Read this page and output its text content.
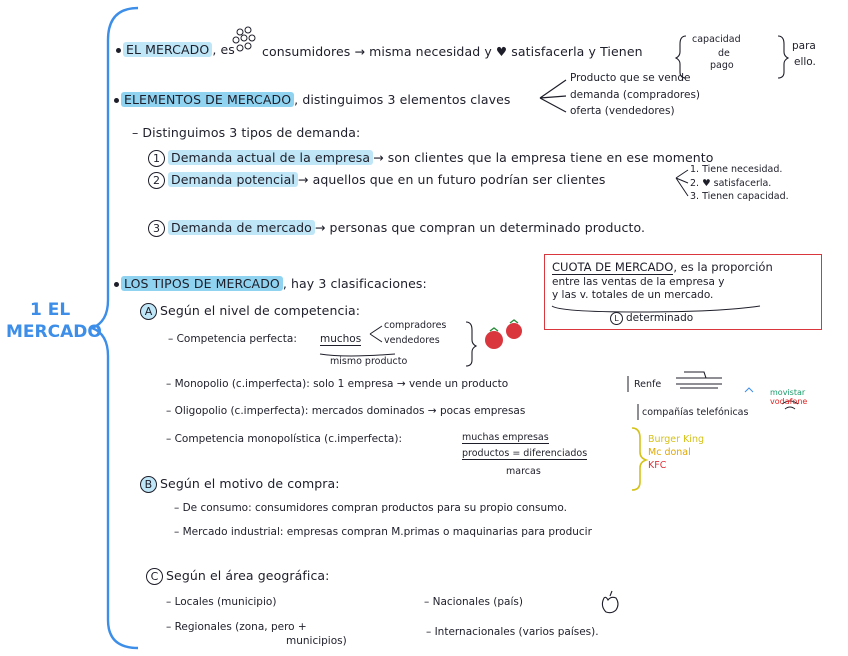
1 EL
MERCADO
EL MERCADO , es consumidores → misma necesidad y ♥ satisfacerla y Tienen
capacidad
de
pago
para
ello.
ELEMENTOS DE MERCADO , distinguimos 3 elementos claves
Producto que se vende
demanda (compradores)
oferta (vendedores)
– Distinguimos 3 tipos de demanda:
1 Demanda actual de la empresa → son clientes que la empresa tiene en ese momento
2 Demanda potencial → aquellos que en un futuro podrían ser clientes
1. Tiene necesidad.
2. ♥ satisfacerla.
3. Tienen capacidad.
3 Demanda de mercado → personas que compran un determinado producto.
CUOTA DE MERCADO, es la proporción
entre las ventas de la empresa y
y las v. totales de un mercado.
L determinado
LOS TIPOS DE MERCADO , hay 3 clasificaciones:
A Según el nivel de competencia:
– Competencia perfecta: muchos
compradores
vendedores
mismo producto
– Monopolio (c.imperfecta): solo 1 empresa → vende un producto	Renfe
– Oligopolio (c.imperfecta): mercados dominados → pocas empresas	compañías telefónicas
movistar
vodafone
– Competencia monopolística (c.imperfecta):	muchas empresas
productos = diferenciados
marcas
Burger King
Mc donal
KFC
B Según el motivo de compra:
– De consumo: consumidores compran productos para su propio consumo.
– Mercado industrial: empresas compran M.primas o maquinarias para producir
C Según el área geográfica:
– Locales (municipio)	– Nacionales (país)
– Regionales (zona, pero +
municipios)
– Internacionales (varios países).
